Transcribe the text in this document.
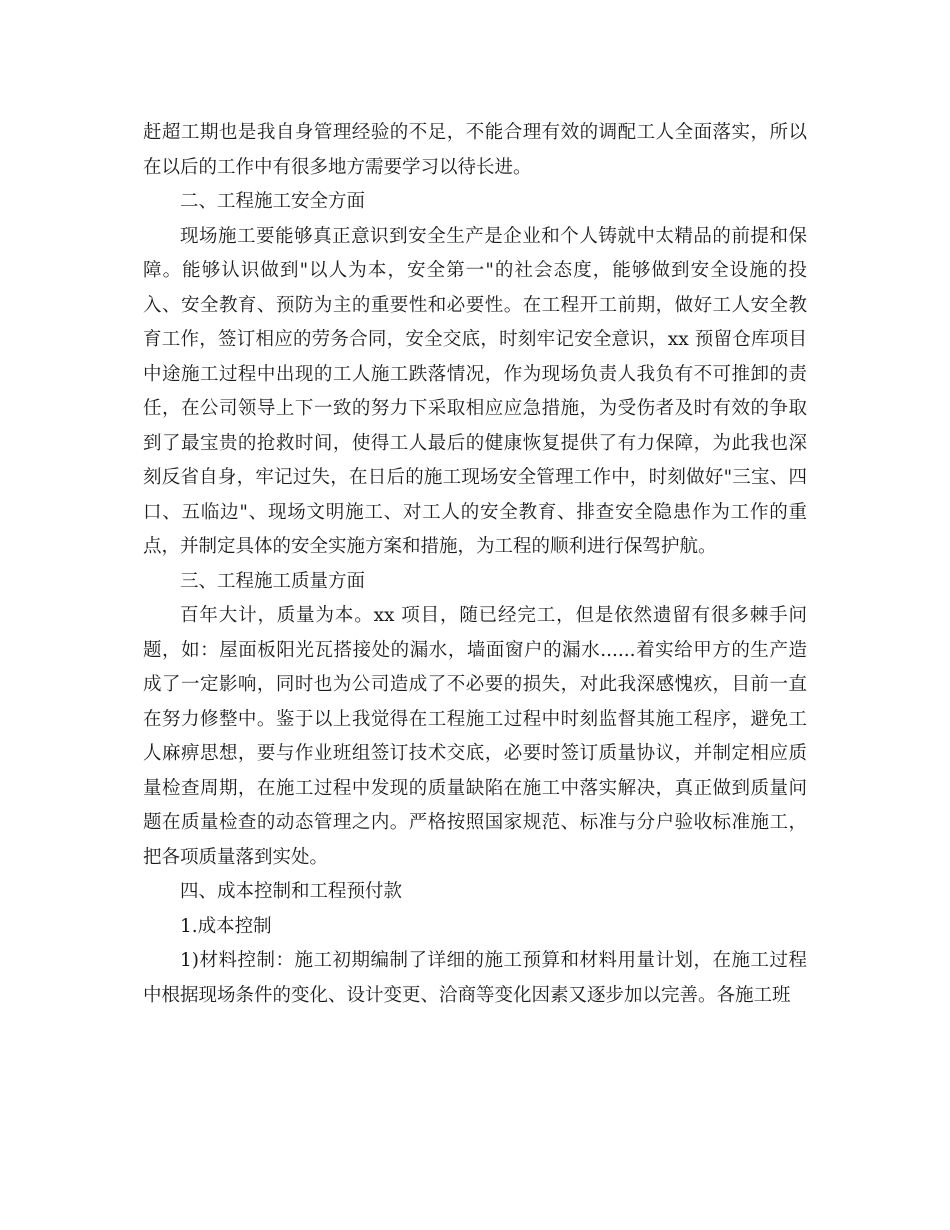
赶超工期也是我自身管理经验的不足，不能合理有效的调配工人全面落实，所以在以后的工作中有很多地方需要学习以待长进。

二、工程施工安全方面

现场施工要能够真正意识到安全生产是企业和个人铸就中太精品的前提和保障。能够认识做到"以人为本，安全第一"的社会态度，能够做到安全设施的投入、安全教育、预防为主的重要性和必要性。在工程开工前期，做好工人安全教育工作，签订相应的劳务合同，安全交底，时刻牢记安全意识，xx 预留仓库项目中途施工过程中出现的工人施工跌落情况，作为现场负责人我负有不可推卸的责任，在公司领导上下一致的努力下采取相应应急措施，为受伤者及时有效的争取到了最宝贵的抢救时间，使得工人最后的健康恢复提供了有力保障，为此我也深刻反省自身，牢记过失，在日后的施工现场安全管理工作中，时刻做好"三宝、四口、五临边"、现场文明施工、对工人的安全教育、排查安全隐患作为工作的重点，并制定具体的安全实施方案和措施，为工程的顺利进行保驾护航。

三、工程施工质量方面

百年大计，质量为本。xx 项目，随已经完工，但是依然遗留有很多棘手问题，如：屋面板阳光瓦搭接处的漏水，墙面窗户的漏水......着实给甲方的生产造成了一定影响，同时也为公司造成了不必要的损失，对此我深感愧疚，目前一直在努力修整中。鉴于以上我觉得在工程施工过程中时刻监督其施工程序，避免工人麻痹思想，要与作业班组签订技术交底，必要时签订质量协议，并制定相应质量检查周期，在施工过程中发现的质量缺陷在施工中落实解决，真正做到质量问题在质量检查的动态管理之内。严格按照国家规范、标准与分户验收标准施工，把各项质量落到实处。

四、成本控制和工程预付款

1.成本控制

1)材料控制：施工初期编制了详细的施工预算和材料用量计划，在施工过程中根据现场条件的变化、设计变更、洽商等变化因素又逐步加以完善。各施工班
